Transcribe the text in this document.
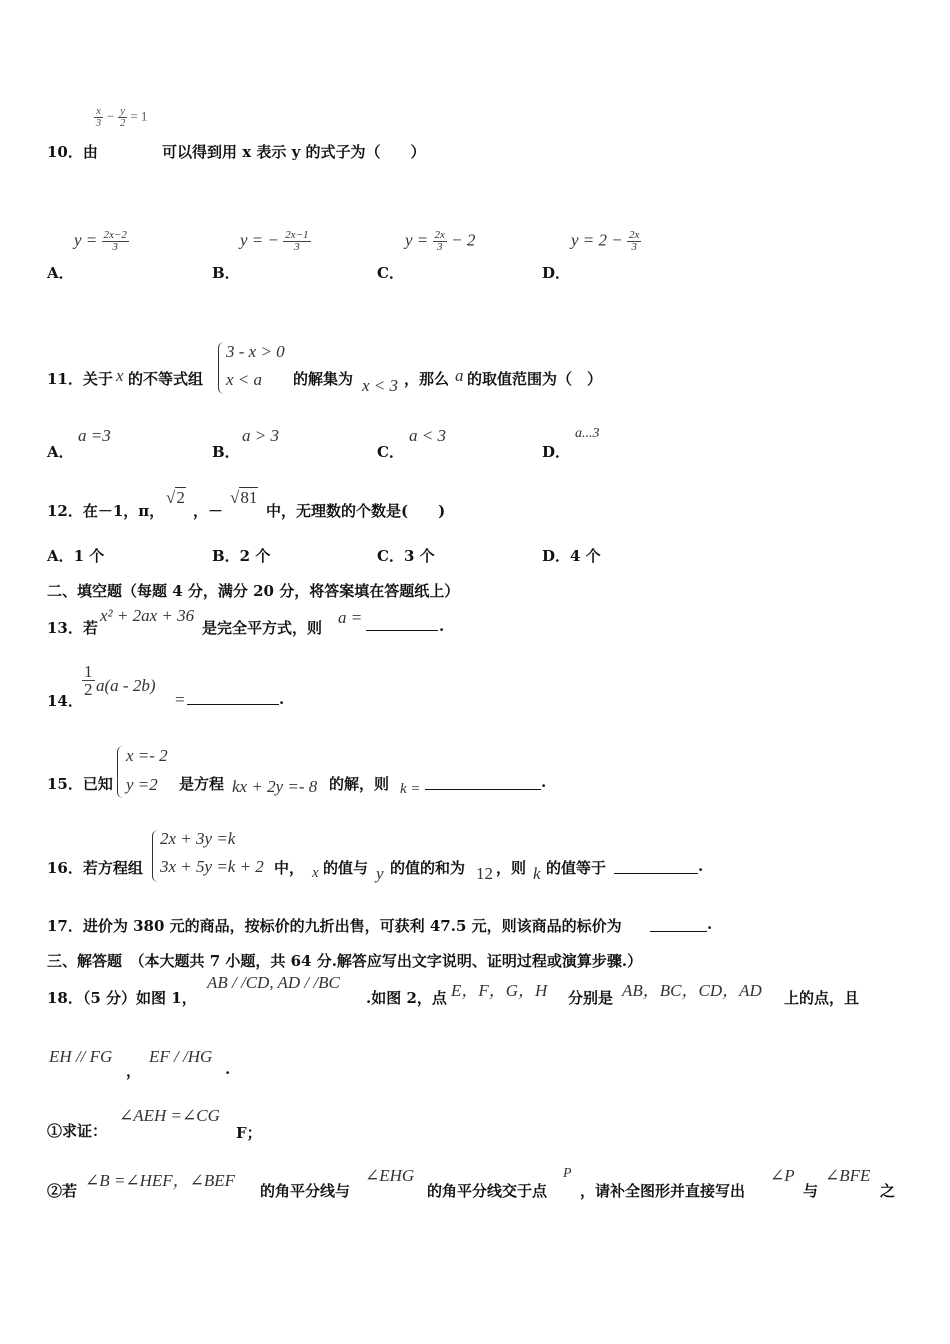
$\frac{x}{3} - \frac{y}{2} = 1$
10．由	可以得到用 x 表示 y 的式子为（　　）
A．
$y = \frac{2x-2}{3}$
B．
y = − $\frac{2x-1}{3}$
C．
$y = \frac{2x}{3} - 2$
D．
$y = 2 - \frac{2x}{3}$
11．关于 x 的不等式组
3 - x > 0
x < a 的解集为 x < 3 ，那么 a 的取值范围为（　）
A．
a =3
B．
a > 3
C．
a < 3
D．
a...3
12．在－1，π，
√2
，－
√81
中，无理数的个数是(　　)
A．1 个	B．2 个	C．3 个	D．4 个
二、填空题（每题 4 分，满分 20 分，将答案填在答题纸上）
13．若
x² + 2ax + 36
是完全平方式，则
a =	.
14．
$\frac{1}{2} a(a - 2b)$
=	.
15．已知
x =- 2
y =2 是方程 kx + 2y =- 8 的解，则 k =	.
16．若方程组
2x + 3y =k
3x + 5y =k + 2 中， x 的值与 y 的值的和为 12 ，则 k 的值等于	.
17．进价为 380 元的商品，按标价的九折出售，可获利 47.5 元，则该商品的标价为	.
三、解答题　（本大题共 7 小题，共 64 分.解答应写出文字说明、证明过程或演算步骤.）
18．（5 分）如图 1，
AB / /CD, AD / /BC
.如图 2，点 E，F，G，H 分别是 AB，BC，CD，AD 上的点，且
EH // FG
，
EF / /HG
.
①求证：
∠AEH =∠CG
F；
②若
∠B =∠HEF，∠BEF
的角平分线与
∠EHG
的角平分线交于点
P
，请补全图形并直接写出
∠P
与
∠BFE
之
